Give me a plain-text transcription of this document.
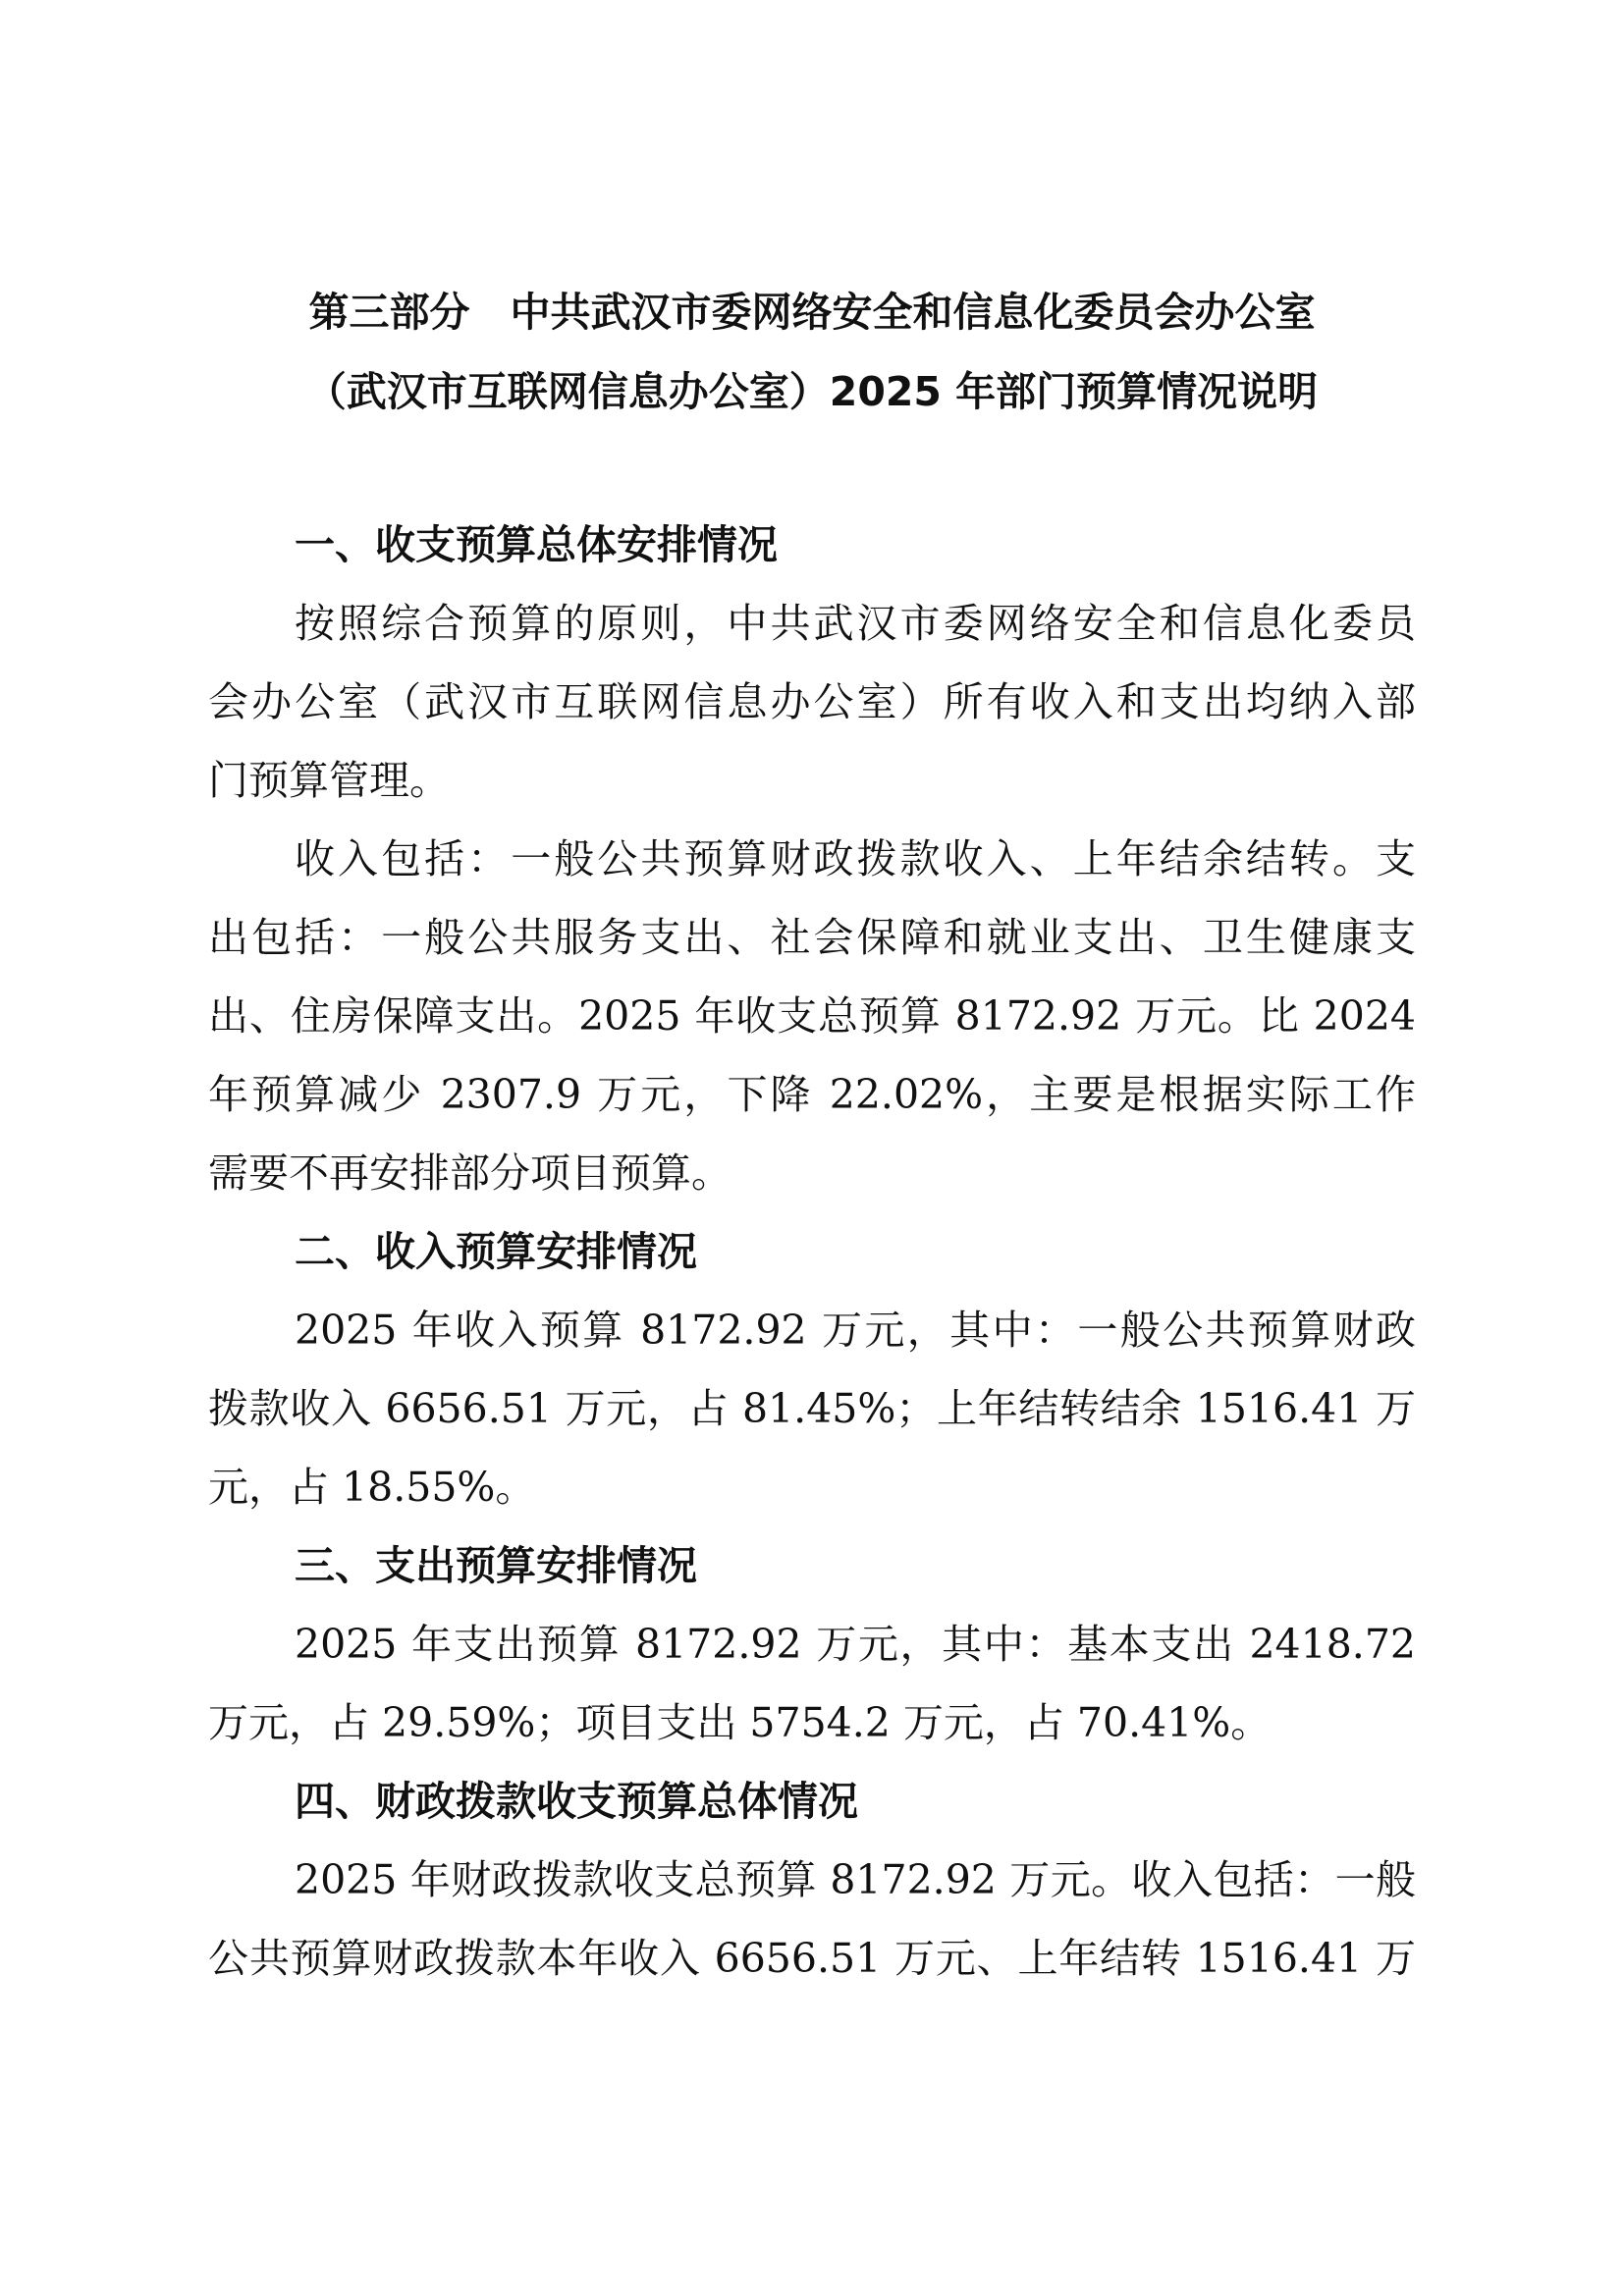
第三部分　中共武汉市委网络安全和信息化委员会办公室
（武汉市互联网信息办公室）2025 年部门预算情况说明
一、收支预算总体安排情况
按照综合预算的原则，中共武汉市委网络安全和信息化委员
会办公室（武汉市互联网信息办公室）所有收入和支出均纳入部
门预算管理。
收入包括：一般公共预算财政拨款收入、上年结余结转。支
出包括：一般公共服务支出、社会保障和就业支出、卫生健康支
出、住房保障支出。2025 年收支总预算 8172.92 万元。比 2024
年预算减少 2307.9 万元，下降 22.02%，主要是根据实际工作
需要不再安排部分项目预算。
二、收入预算安排情况
2025 年收入预算 8172.92 万元，其中：一般公共预算财政
拨款收入 6656.51 万元，占 81.45%；上年结转结余 1516.41 万
元，占 18.55%。
三、支出预算安排情况
2025 年支出预算 8172.92 万元，其中：基本支出 2418.72
万元，占 29.59%；项目支出 5754.2 万元，占 70.41%。
四、财政拨款收支预算总体情况
2025 年财政拨款收支总预算 8172.92 万元。收入包括：一般
公共预算财政拨款本年收入 6656.51 万元、上年结转 1516.41 万
